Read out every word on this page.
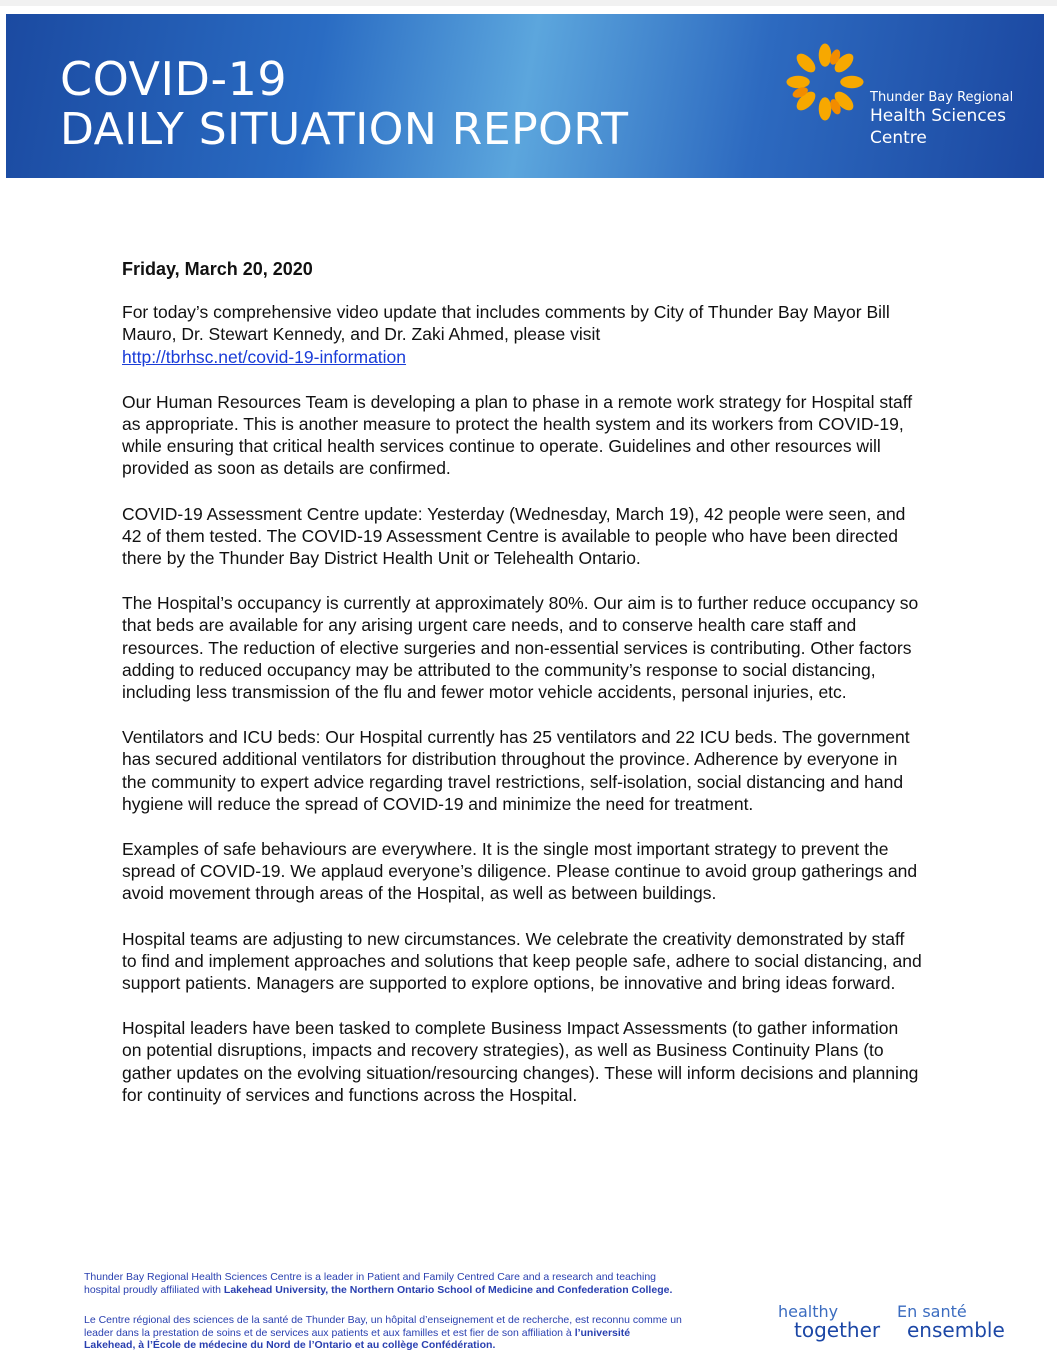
COVID-19
DAILY SITUATION REPORT
Thunder Bay Regional
Health Sciences
Centre

Friday, March 20, 2020

For today’s comprehensive video update that includes comments by City of Thunder Bay Mayor Bill Mauro, Dr. Stewart Kennedy, and Dr. Zaki Ahmed, please visit
http://tbrhsc.net/covid-19-information

Our Human Resources Team is developing a plan to phase in a remote work strategy for Hospital staff as appropriate. This is another measure to protect the health system and its workers from COVID-19, while ensuring that critical health services continue to operate. Guidelines and other resources will provided as soon as details are confirmed.

COVID-19 Assessment Centre update: Yesterday (Wednesday, March 19), 42 people were seen, and 42 of them tested. The COVID-19 Assessment Centre is available to people who have been directed there by the Thunder Bay District Health Unit or Telehealth Ontario.

The Hospital’s occupancy is currently at approximately 80%. Our aim is to further reduce occupancy so that beds are available for any arising urgent care needs, and to conserve health care staff and resources. The reduction of elective surgeries and non-essential services is contributing. Other factors adding to reduced occupancy may be attributed to the community’s response to social distancing, including less transmission of the flu and fewer motor vehicle accidents, personal injuries, etc.

Ventilators and ICU beds: Our Hospital currently has 25 ventilators and 22 ICU beds. The government has secured additional ventilators for distribution throughout the province. Adherence by everyone in the community to expert advice regarding travel restrictions, self-isolation, social distancing and hand hygiene will reduce the spread of COVID-19 and minimize the need for treatment.

Examples of safe behaviours are everywhere. It is the single most important strategy to prevent the spread of COVID-19. We applaud everyone’s diligence. Please continue to avoid group gatherings and avoid movement through areas of the Hospital, as well as between buildings.

Hospital teams are adjusting to new circumstances. We celebrate the creativity demonstrated by staff to find and implement approaches and solutions that keep people safe, adhere to social distancing, and support patients. Managers are supported to explore options, be innovative and bring ideas forward.

Hospital leaders have been tasked to complete Business Impact Assessments (to gather information on potential disruptions, impacts and recovery strategies), as well as Business Continuity Plans (to gather updates on the evolving situation/resourcing changes). These will inform decisions and planning for continuity of services and functions across the Hospital.

Thunder Bay Regional Health Sciences Centre is a leader in Patient and Family Centred Care and a research and teaching hospital proudly affiliated with Lakehead University, the Northern Ontario School of Medicine and Confederation College.
Le Centre régional des sciences de la santé de Thunder Bay, un hôpital d’enseignement et de recherche, est reconnu comme un leader dans la prestation de soins et de services aux patients et aux familles et est fier de son affiliation à l’université Lakehead, à l’École de médecine du Nord de l’Ontario et au collège Confédération.
healthy
together
En santé
ensemble
